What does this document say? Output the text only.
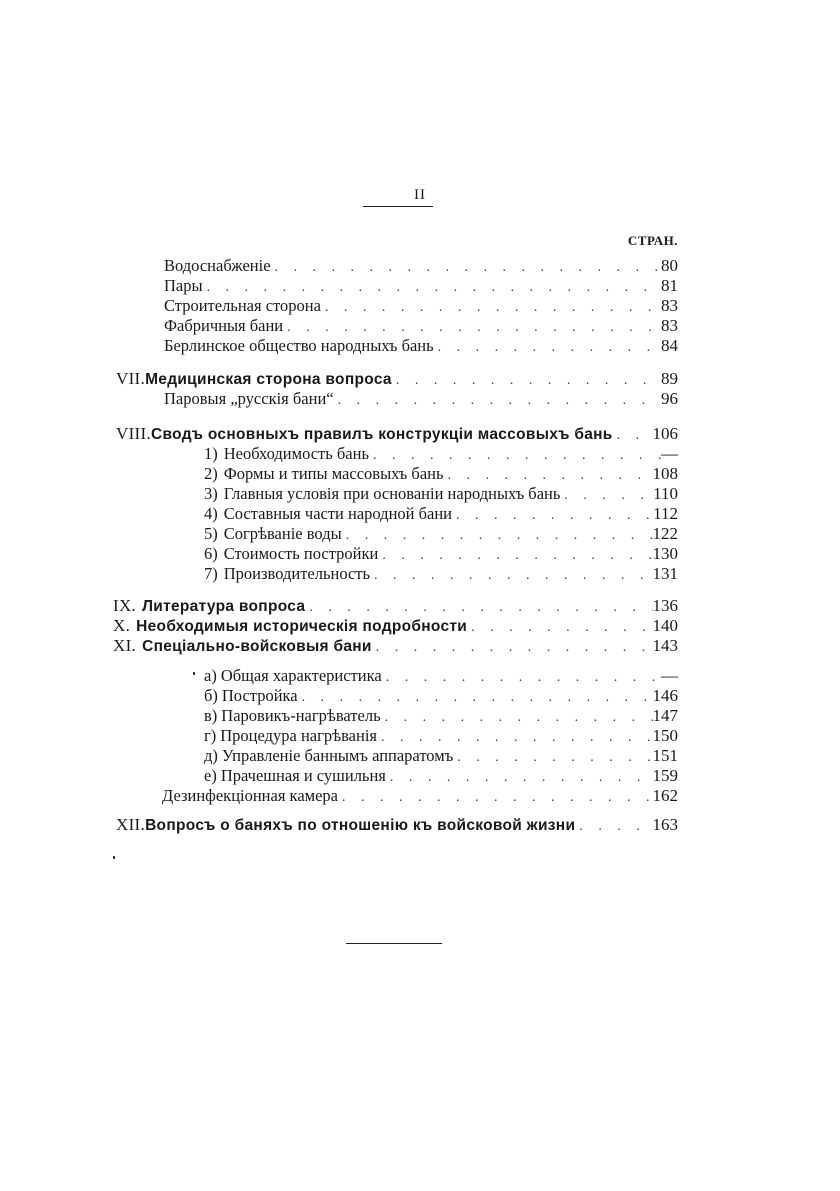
II
СТРАН.
Водоснабженіе . . .	80
Пары . . .	81
Строительная сторона . . .	83
Фабричныя бани . . .	83
Берлинское общество народныхъ бань . . .	84
VII. Медицинская сторона вопроса . . .	89
Паровыя „русскія бани“ . . .	96
VIII. Сводъ основныхъ правилъ конструкціи массовыхъ бань . . . 106
1) Необходимость бань . . .	—
2) Формы и типы массовыхъ бань . . .	108
3) Главныя условія при основаніи народныхъ бань . . .	110
4) Составныя части народной бани . . .	112
5) Согрѣваніе воды . . .	122
6) Стоимость постройки . . .	130
7) Производительность . . .	131
IX. Литература вопроса . . .	136
X. Необходимыя историческія подробности . . .	140
XI. Спеціально-войсковыя бани . . .	143
а) Общая характеристика . . .	—
б) Постройка . . .	146
в) Паровикъ-нагрѣватель . . .	147
г) Процедура нагрѣванія . . .	150
д) Управленіе баннымъ аппаратомъ . . .	151
е) Прачешная и сушильня . . .	159
Дезинфекціонная камера . . .	162
XII. Вопросъ о баняхъ по отношенію къ войсковой жизни . . .	163
